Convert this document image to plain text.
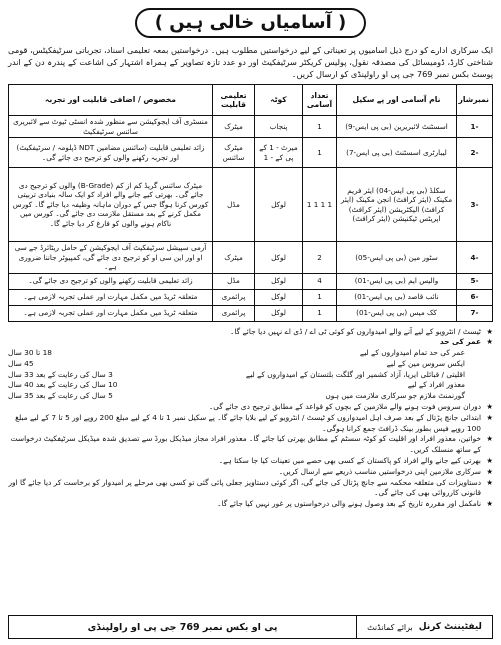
( آسامیاں خالی ہیں )

ایک سرکاری ادارے کو درج ذیل اسامیوں پر تعیناتی کے لیے درخواستیں مطلوب ہیں۔ درخواستیں بمعہ تعلیمی اسناد، تجرباتی سرٹیفکیٹس، قومی شناختی کارڈ، ڈومیسائل کی مصدقہ نقول، پولیس کریکٹر سرٹیفکیٹ اور دو عدد تازہ تصاویر کے ہمراہ اشتہار کی اشاعت کے پندرہ دن کے اندر پوسٹ بکس نمبر 769 جی پی او راولپنڈی کو ارسال کریں۔

نمبرشار	نام آسامی اور پے سکیل	تعداد آسامی	کوٹہ	تعلیمی قابلیت	مخصوص / اضافی قابلیت اور تجربہ
-1	اسسٹنٹ لائبریرین (بی پی ایس-9)	1	پنجاب	میٹرک	منسٹری آف ایجوکیشن سے منظور شدہ انسٹی ٹیوٹ سے لائبریری سائنس سرٹیفکیٹ
-2	لیبارٹری اسسٹنٹ (بی پی ایس-7)	1	میرٹ - 1 کے پی کے - 1	میٹرک سائنس	زائد تعلیمی قابلیت (سائنس مضامین NDT ڈپلومہ / سرٹیفکیٹ) اور تجربہ رکھنے والوں کو ترجیح دی جائے گی۔
-3	سکلڈ (بی پی ایس-04) ایئر فریم مکینک (ایئر کرافٹ) انجن مکینک (ایئر کرافٹ) الیکٹریشن (ایئر کرافٹ) اپریٹس ٹیکنیشن (ایئر کرافٹ)	1 1 1 1	لوکل	مڈل	میٹرک سائنس گریڈ کم از کم (B-Grade) والوں کو ترجیح دی جائے گی۔ بھرتی کیے جانے والے افراد کو ایک سالہ بنیادی تربیتی کورس کرنا ہوگا جس کے دوران ماہانہ وظیفہ دیا جائے گا۔ کورس مکمل کرنے کے بعد مستقل ملازمت دی جائے گی۔ کورس میں ناکام ہونے والوں کو فارغ کر دیا جائے گا۔
-4	سٹور مین (بی پی ایس-05)	2	لوکل	میٹرک	آرمی سپیشل سرٹیفکیٹ آف ایجوکیشن کے حامل ریٹائرڈ جے سی او اور این سی او کو ترجیح دی جائے گی، کمپیوٹر جاننا ضروری ہے۔
-5	والیس ایم (بی پی ایس-01)	4	لوکل	مڈل	زائد تعلیمی قابلیت رکھنے والوں کو ترجیح دی جائے گی۔
-6	نائب قاصد (بی پی ایس-01)	1	لوکل	پرائمری	متعلقہ ٹریڈ میں مکمل مہارت اور عملی تجربہ لازمی ہے۔
-7	کک میس (بی پی ایس-01)	1	لوکل	پرائمری	متعلقہ ٹریڈ میں مکمل مہارت اور عملی تجربہ لازمی ہے۔
★
ٹیسٹ / انٹرویو کے لیے آنے والے امیدواروں کو کوئی ٹی اے / ڈی اے نہیں دیا جائے گا۔
★
عمر کی حد
عمر کی حد تمام امیدواروں کے لیے
18 تا 30 سال
ایکس سروس مین کے لیے
45 سال
اقلیتی / قبائلی ایریا، آزاد کشمیر اور گلگت بلتستان کے امیدواروں کے لیے
3 سال کی رعایت کے بعد 33 سال
معذور افراد کے لیے
10 سال کی رعایت کے بعد 40 سال
گورنمنٹ ملازم جو سرکاری ملازمت میں ہوں
5 سال کی رعایت کے بعد 35 سال
★
دوران سروس فوت ہونے والے ملازمین کے بچوں کو قواعد کے مطابق ترجیح دی جائے گی۔
★
ابتدائی جانچ پڑتال کے بعد صرف اہل امیدواروں کو ٹیسٹ / انٹرویو کے لیے بلایا جائے گا۔ پے سکیل نمبر 1 تا 4 کے لیے مبلغ 200 روپے اور 5 تا 7 کے لیے مبلغ 100 روپے فیس بطور بینک ڈرافٹ جمع کرانا ہوگی۔
★
خواتین، معذور افراد اور اقلیت کو کوٹہ سسٹم کے مطابق بھرتی کیا جائے گا۔ معذور افراد مجاز میڈیکل بورڈ سے تصدیق شدہ میڈیکل سرٹیفکیٹ درخواست کے ساتھ منسلک کریں۔
★
بھرتی کیے جانے والے افراد کو پاکستان کے کسی بھی حصے میں تعینات کیا جا سکتا ہے۔
★
سرکاری ملازمین اپنی درخواستیں مناسب ذریعے سے ارسال کریں۔
★
دستاویزات کی متعلقہ محکمہ سے جانچ پڑتال کی جائے گی، اگر کوئی دستاویز جعلی پائی گئی تو کسی بھی مرحلے پر امیدوار کو برخاست کر دیا جائے گا اور قانونی کارروائی بھی کی جائے گی۔
★
نامکمل اور مقررہ تاریخ کے بعد وصول ہونے والی درخواستوں پر غور نہیں کیا جائے گا۔
لیفٹیننٹ کرنل
برائے کمانڈنٹ
پی او بکس نمبر 769 جی پی او راولپنڈی
